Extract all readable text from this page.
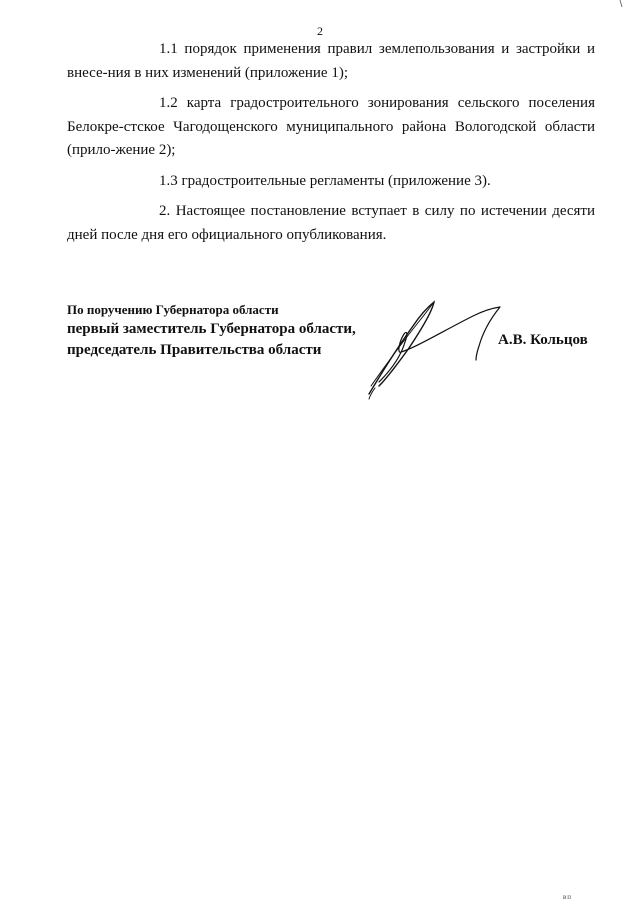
2

1.1 порядок применения правил землепользования и застройки и внесе-ния в них изменений (приложение 1);

1.2 карта градостроительного зонирования сельского поселения Белокре-стское Чагодощенского муниципального района Вологодской области (прило-жение 2);

1.3 градостроительные регламенты (приложение 3).

2. Настоящее постановление вступает в силу по истечении десяти дней после дня его официального опубликования.

По поручению Губернатора области
первый заместитель Губернатора области,
председатель Правительства области
А.В. Кольцов
вп
